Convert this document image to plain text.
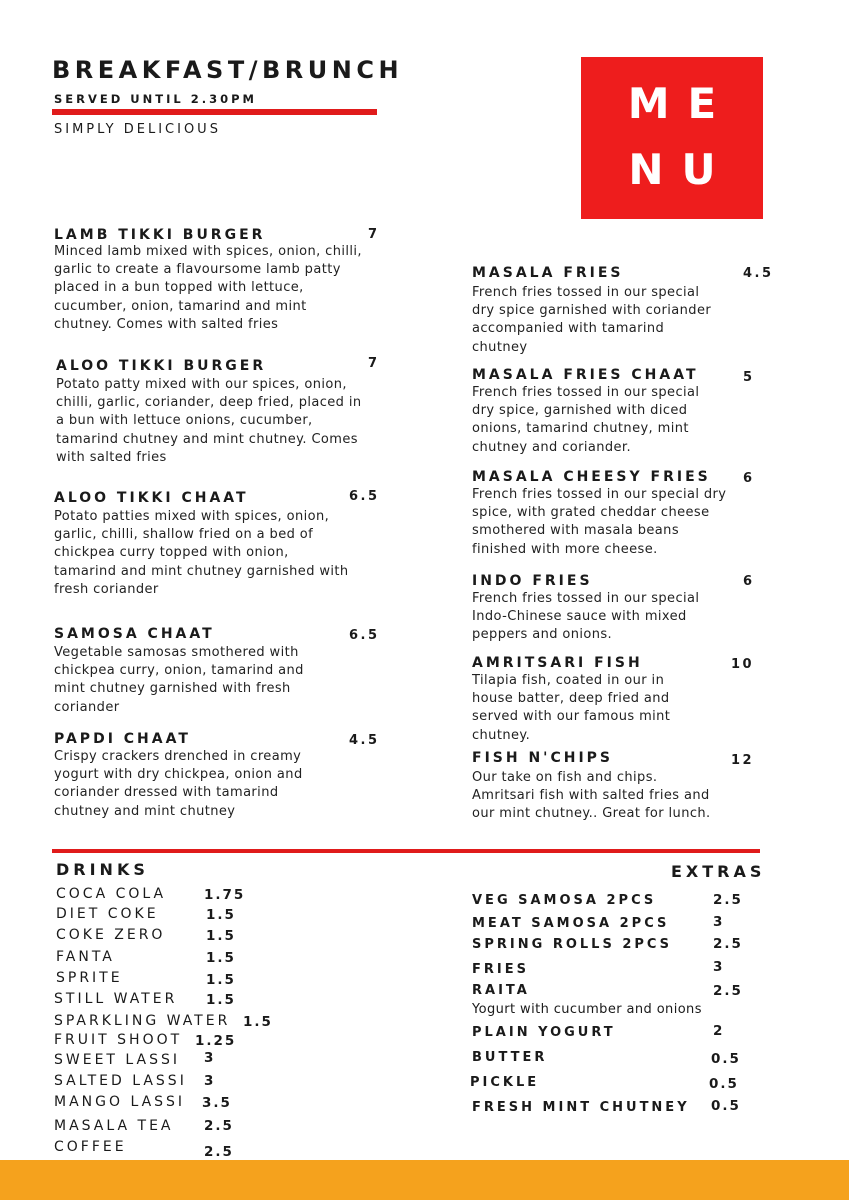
BREAKFAST/BRUNCH
SERVED UNTIL 2.30PM
SIMPLY DELICIOUS
ME
NU
LAMB TIKKI BURGER	7
Minced lamb mixed with spices, onion, chilli, garlic to create a flavoursome lamb patty placed in a bun topped with lettuce, cucumber, onion, tamarind and mint chutney. Comes with salted fries
ALOO TIKKI BURGER	7
Potato patty mixed with our spices, onion, chilli, garlic, coriander, deep fried, placed in a bun with lettuce onions, cucumber, tamarind chutney and mint chutney. Comes with salted fries
ALOO TIKKI CHAAT	6.5
Potato patties mixed with spices, onion, garlic, chilli, shallow fried on a bed of chickpea curry topped with onion, tamarind and mint chutney garnished with fresh coriander
SAMOSA CHAAT	6.5
Vegetable samosas smothered with chickpea curry, onion, tamarind and mint chutney garnished with fresh coriander
PAPDI CHAAT	4.5
Crispy crackers drenched in creamy yogurt with dry chickpea, onion and coriander dressed with tamarind chutney and mint chutney
MASALA FRIES	4.5
French fries tossed in our special dry spice garnished with coriander accompanied with tamarind chutney
MASALA FRIES CHAAT	5
French fries tossed in our special dry spice, garnished with diced onions, tamarind chutney, mint chutney and coriander.
MASALA CHEESY FRIES 6
French fries tossed in our special dry spice, with grated cheddar cheese smothered with masala beans finished with more cheese.
INDO FRIES	6
French fries tossed in our special Indo-Chinese sauce with mixed peppers and onions.
AMRITSARI FISH	10
Tilapia fish, coated in our in house batter, deep fried and served with our famous mint chutney.
FISH N'CHIPS	12
Our take on fish and chips. Amritsari fish with salted fries and our mint chutney.. Great for lunch.
DRINKS
COCA COLA	1.75
DIET COKE	1.5
COKE ZERO	1.5
FANTA	1.5
SPRITE	1.5
STILL WATER 1.5
SPARKLING WATER 1.5
FRUIT SHOOT 1.25
SWEET LASSI 3
SALTED LASSI 3
MANGO LASSI 3.5
MASALA TEA 2.5
COFFEE	2.5
EXTRAS
VEG SAMOSA 2PCS	2.5
MEAT SAMOSA 2PCS	3
SPRING ROLLS 2PCS	2.5
FRIES	3
RAITA	2.5
Yogurt with cucumber and onions
PLAIN YOGURT	2
BUTTER	0.5
PICKLE	0.5
FRESH MINT CHUTNEY 0.5
